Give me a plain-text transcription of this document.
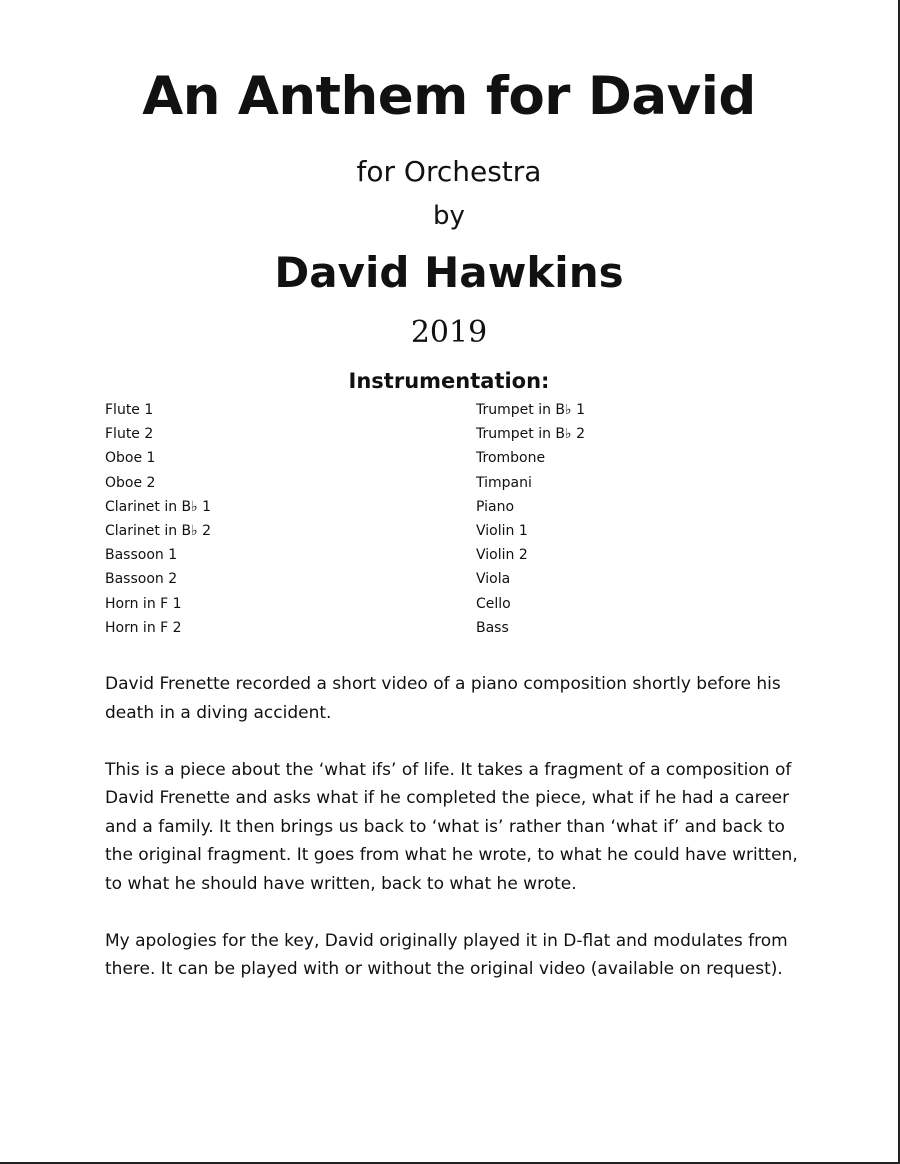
An Anthem for David
for Orchestra
by
David Hawkins
2019
Instrumentation:
Flute 1
Flute 2
Oboe 1
Oboe 2
Clarinet in B♭ 1
Clarinet in B♭ 2
Bassoon 1
Bassoon 2
Horn in F 1
Horn in F 2
Trumpet in B♭ 1
Trumpet in B♭ 2
Trombone
Timpani
Piano
Violin 1
Violin 2
Viola
Cello
Bass

David Frenette recorded a short video of a piano composition shortly before his death in a diving accident.

This is a piece about the ‘what ifs’ of life. It takes a fragment of a composition of David Frenette and asks what if he completed the piece, what if he had a career and a family. It then brings us back to ‘what is’ rather than ‘what if’ and back to the original fragment. It goes from what he wrote, to what he could have written, to what he should have written, back to what he wrote.

My apologies for the key, David originally played it in D-flat and modulates from there. It can be played with or without the original video (available on request).
